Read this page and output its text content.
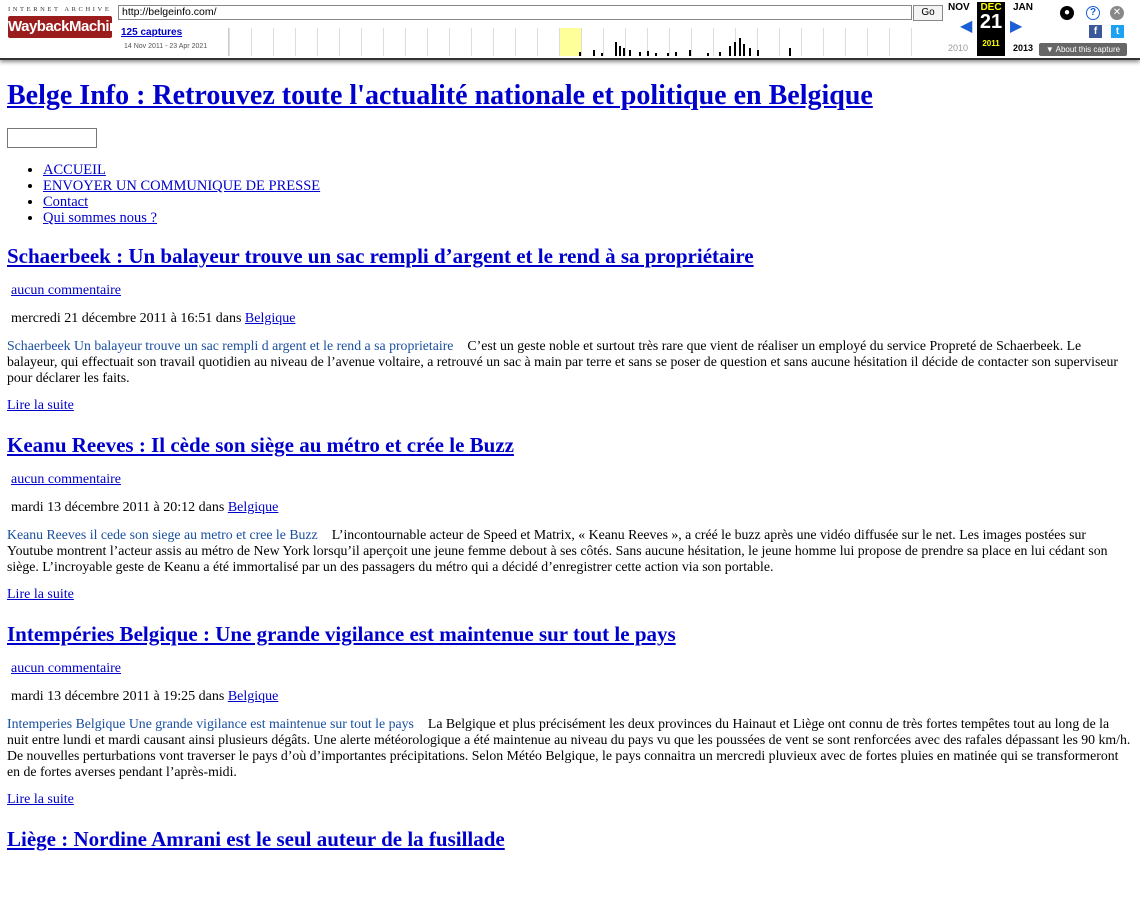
INTERNET ARCHIVE
WaybackMachine
http://belgeinfo.com/	Go
125 captures
14 Nov 2011 - 23 Apr 2021
NOV	DEC
21
2011
JAN
◀ ▶
2010	2013
●	?	✕
f	t
▼ About this capture
Belge Info : Retrouvez toute l'actualité nationale et politique en Belgique
• ACCUEIL
• ENVOYER UN COMMUNIQUE DE PRESSE
• Contact
• Qui sommes nous ?
Schaerbeek : Un balayeur trouve un sac rempli d’argent et le rend à sa propriétaire
aucun commentaire
mercredi 21 décembre 2011 à 16:51 dans Belgique
Schaerbeek Un balayeur trouve un sac rempli d argent et le rend a sa proprietaire C’est un geste noble et surtout très rare que vient de réaliser un employé du service Propreté de Schaerbeek. Le balayeur, qui effectuait son travail quotidien au niveau de l’avenue voltaire, a retrouvé un sac à main par terre et sans se poser de question et sans aucune hésitation il décide de contacter son superviseur pour déclarer les faits.
Lire la suite
Keanu Reeves : Il cède son siège au métro et crée le Buzz
aucun commentaire
mardi 13 décembre 2011 à 20:12 dans Belgique
Keanu Reeves il cede son siege au metro et cree le Buzz L’incontournable acteur de Speed et Matrix, « Keanu Reeves », a créé le buzz après une vidéo diffusée sur le net. Les images postées sur Youtube montrent l’acteur assis au métro de New York lorsqu’il aperçoit une jeune femme debout à ses côtés. Sans aucune hésitation, le jeune homme lui propose de prendre sa place en lui cédant son siège. L’incroyable geste de Keanu a été immortalisé par un des passagers du métro qui a décidé d’enregistrer cette action via son portable.
Lire la suite
Intempéries Belgique : Une grande vigilance est maintenue sur tout le pays
aucun commentaire
mardi 13 décembre 2011 à 19:25 dans Belgique
Intemperies Belgique Une grande vigilance est maintenue sur tout le pays La Belgique et plus précisément les deux provinces du Hainaut et Liège ont connu de très fortes tempêtes tout au long de la nuit entre lundi et mardi causant ainsi plusieurs dégâts. Une alerte météorologique a été maintenue au niveau du pays vu que les poussées de vent se sont renforcées avec des rafales dépassant les 90 km/h. De nouvelles perturbations vont traverser le pays d’où d’importantes précipitations. Selon Météo Belgique, le pays connaitra un mercredi pluvieux avec de fortes pluies en matinée qui se transformeront en de fortes averses pendant l’après-midi.
Lire la suite
Liège : Nordine Amrani est le seul auteur de la fusillade
